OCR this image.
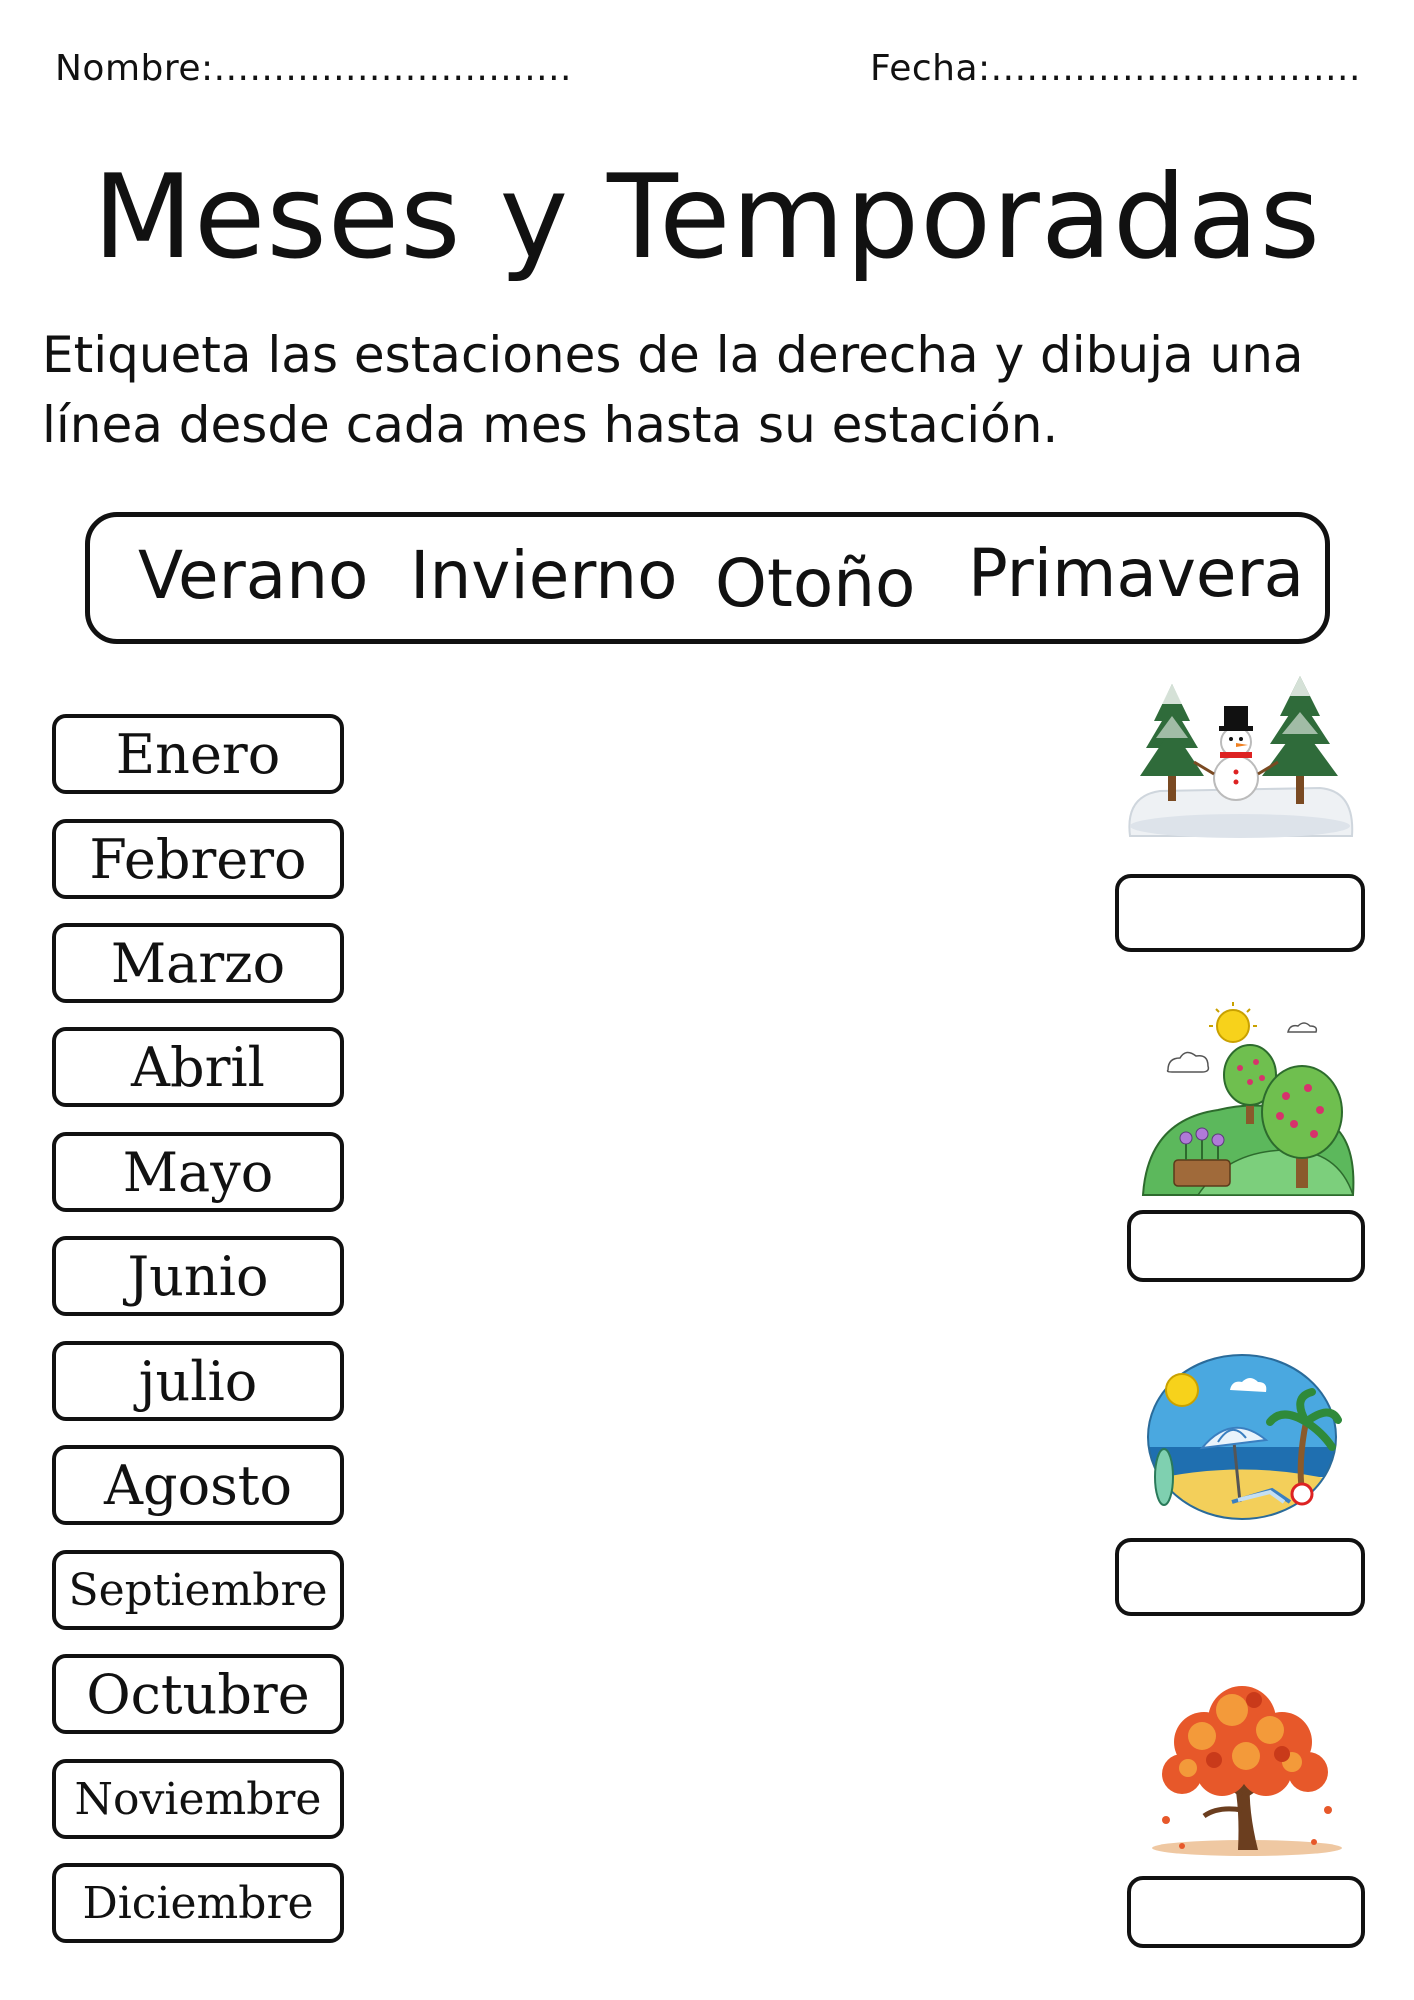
Nombre:..............................	Fecha:...............................
Meses y Temporadas
Etiqueta las estaciones de la derecha y dibuja una línea desde cada mes hasta su estación.
Verano Invierno Otoño Primavera
Enero
Febrero
Marzo
Abril
Mayo
Junio
julio
Agosto
Septiembre
Octubre
Noviembre
Diciembre
